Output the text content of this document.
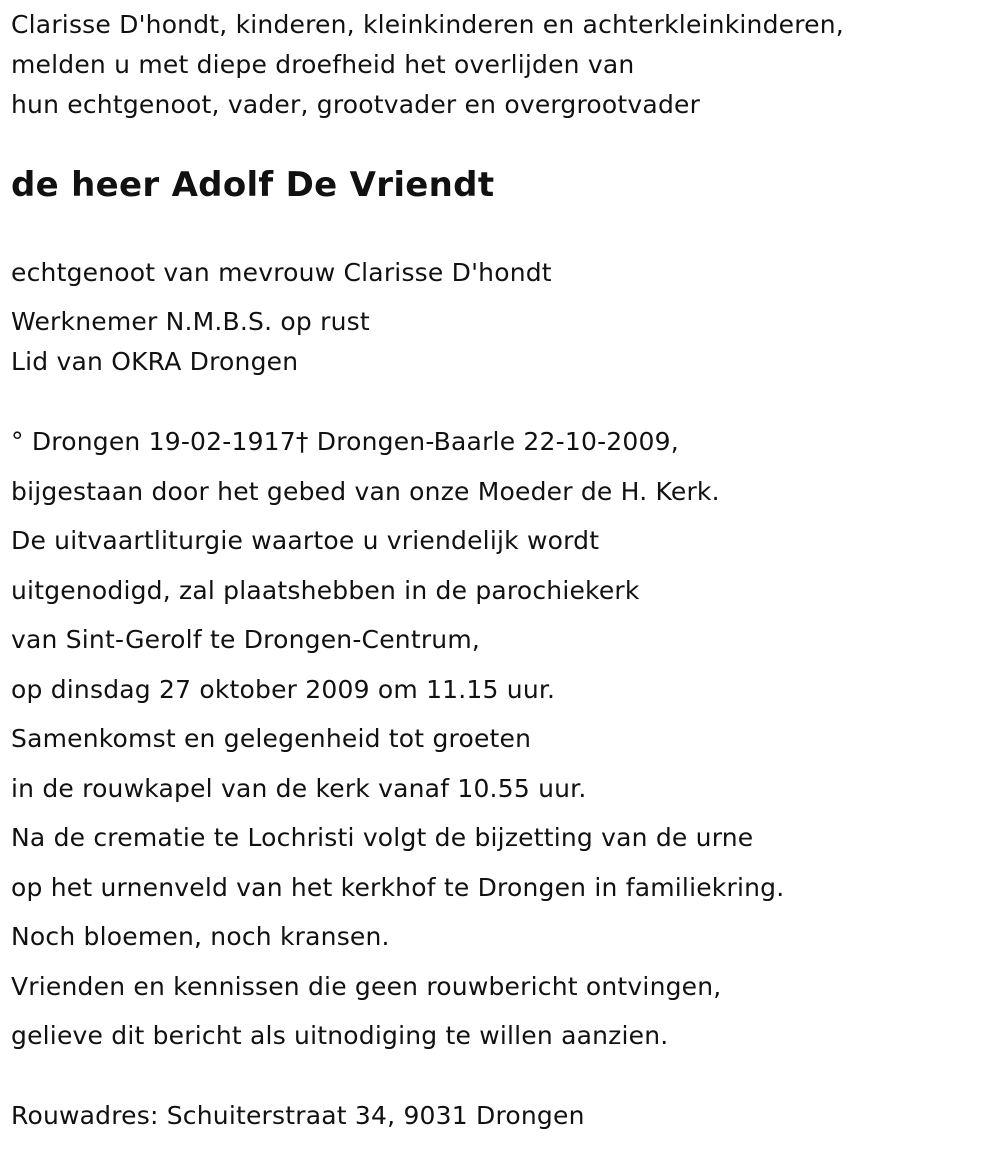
Clarisse D'hondt, kinderen, kleinkinderen en achterkleinkinderen,
melden u met diepe droefheid het overlijden van
hun echtgenoot, vader, grootvader en overgrootvader
de heer Adolf De Vriendt
echtgenoot van mevrouw Clarisse D'hondt
Werknemer N.M.B.S. op rust
Lid van OKRA Drongen
° Drongen 19-02-1917† Drongen-Baarle 22-10-2009,
bijgestaan door het gebed van onze Moeder de H. Kerk.
De uitvaartliturgie waartoe u vriendelijk wordt
uitgenodigd, zal plaatshebben in de parochiekerk
van Sint-Gerolf te Drongen-Centrum,
op dinsdag 27 oktober 2009 om 11.15 uur.
Samenkomst en gelegenheid tot groeten
in de rouwkapel van de kerk vanaf 10.55 uur.
Na de crematie te Lochristi volgt de bijzetting van de urne
op het urnenveld van het kerkhof te Drongen in familiekring.
Noch bloemen, noch kransen.
Vrienden en kennissen die geen rouwbericht ontvingen,
gelieve dit bericht als uitnodiging te willen aanzien.
Rouwadres: Schuiterstraat 34, 9031 Drongen
